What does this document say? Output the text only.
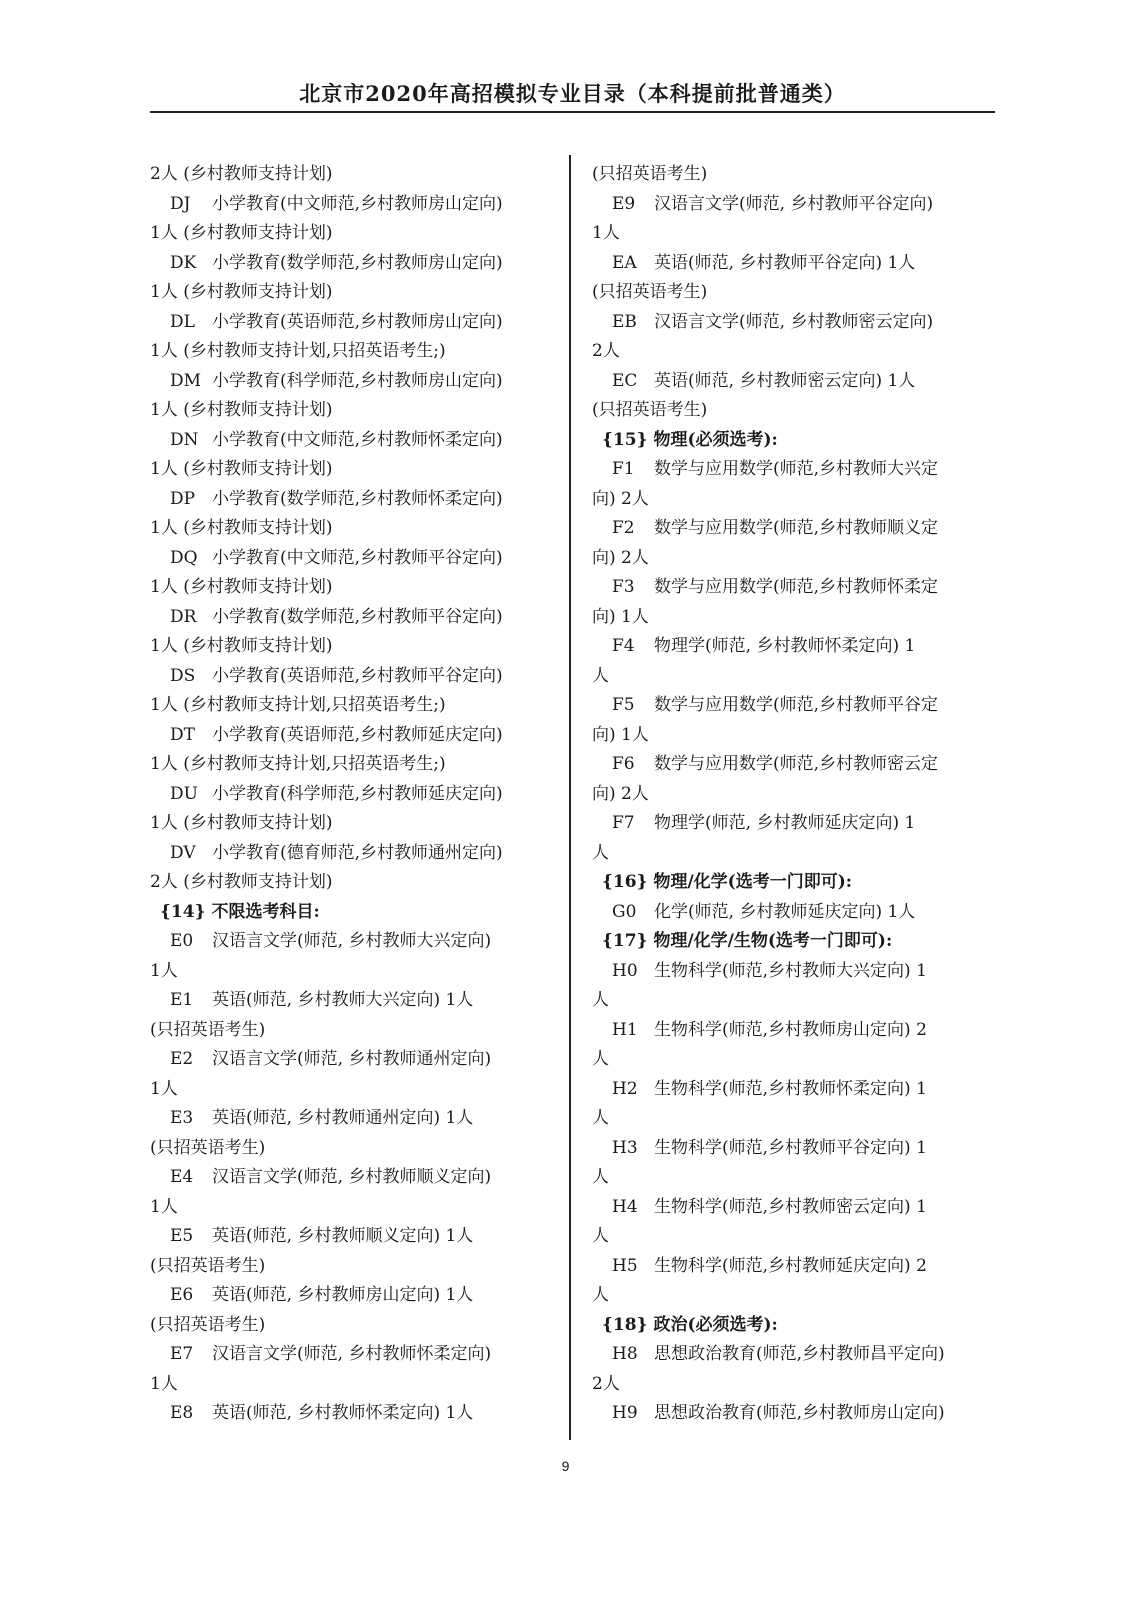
北京市2020年高招模拟专业目录（本科提前批普通类）
2人 (乡村教师支持计划)
DJ 小学教育(中文师范,乡村教师房山定向)
1人 (乡村教师支持计划)
DK 小学教育(数学师范,乡村教师房山定向)
1人 (乡村教师支持计划)
DL 小学教育(英语师范,乡村教师房山定向)
1人 (乡村教师支持计划,只招英语考生;)
DM 小学教育(科学师范,乡村教师房山定向)
1人 (乡村教师支持计划)
DN 小学教育(中文师范,乡村教师怀柔定向)
1人 (乡村教师支持计划)
DP 小学教育(数学师范,乡村教师怀柔定向)
1人 (乡村教师支持计划)
DQ 小学教育(中文师范,乡村教师平谷定向)
1人 (乡村教师支持计划)
DR 小学教育(数学师范,乡村教师平谷定向)
1人 (乡村教师支持计划)
DS 小学教育(英语师范,乡村教师平谷定向)
1人 (乡村教师支持计划,只招英语考生;)
DT 小学教育(英语师范,乡村教师延庆定向)
1人 (乡村教师支持计划,只招英语考生;)
DU 小学教育(科学师范,乡村教师延庆定向)
1人 (乡村教师支持计划)
DV 小学教育(德育师范,乡村教师通州定向)
2人 (乡村教师支持计划)
{14} 不限选考科目:
E0 汉语言文学(师范, 乡村教师大兴定向)
1人
E1 英语(师范, 乡村教师大兴定向) 1人
(只招英语考生)
E2 汉语言文学(师范, 乡村教师通州定向)
1人
E3 英语(师范, 乡村教师通州定向) 1人
(只招英语考生)
E4 汉语言文学(师范, 乡村教师顺义定向)
1人
E5 英语(师范, 乡村教师顺义定向) 1人
(只招英语考生)
E6 英语(师范, 乡村教师房山定向) 1人
(只招英语考生)
E7 汉语言文学(师范, 乡村教师怀柔定向)
1人
E8 英语(师范, 乡村教师怀柔定向) 1人
(只招英语考生)
E9 汉语言文学(师范, 乡村教师平谷定向)
1人
EA 英语(师范, 乡村教师平谷定向) 1人
(只招英语考生)
EB 汉语言文学(师范, 乡村教师密云定向)
2人
EC 英语(师范, 乡村教师密云定向) 1人
(只招英语考生)
{15} 物理(必须选考):
F1 数学与应用数学(师范,乡村教师大兴定
向) 2人
F2 数学与应用数学(师范,乡村教师顺义定
向) 2人
F3 数学与应用数学(师范,乡村教师怀柔定
向) 1人
F4 物理学(师范, 乡村教师怀柔定向) 1
人
F5 数学与应用数学(师范,乡村教师平谷定
向) 1人
F6 数学与应用数学(师范,乡村教师密云定
向) 2人
F7 物理学(师范, 乡村教师延庆定向) 1
人
{16} 物理/化学(选考一门即可):
G0 化学(师范, 乡村教师延庆定向) 1人
{17} 物理/化学/生物(选考一门即可):
H0 生物科学(师范,乡村教师大兴定向) 1
人
H1 生物科学(师范,乡村教师房山定向) 2
人
H2 生物科学(师范,乡村教师怀柔定向) 1
人
H3 生物科学(师范,乡村教师平谷定向) 1
人
H4 生物科学(师范,乡村教师密云定向) 1
人
H5 生物科学(师范,乡村教师延庆定向) 2
人
{18} 政治(必须选考):
H8 思想政治教育(师范,乡村教师昌平定向)
2人
H9 思想政治教育(师范,乡村教师房山定向)
9
